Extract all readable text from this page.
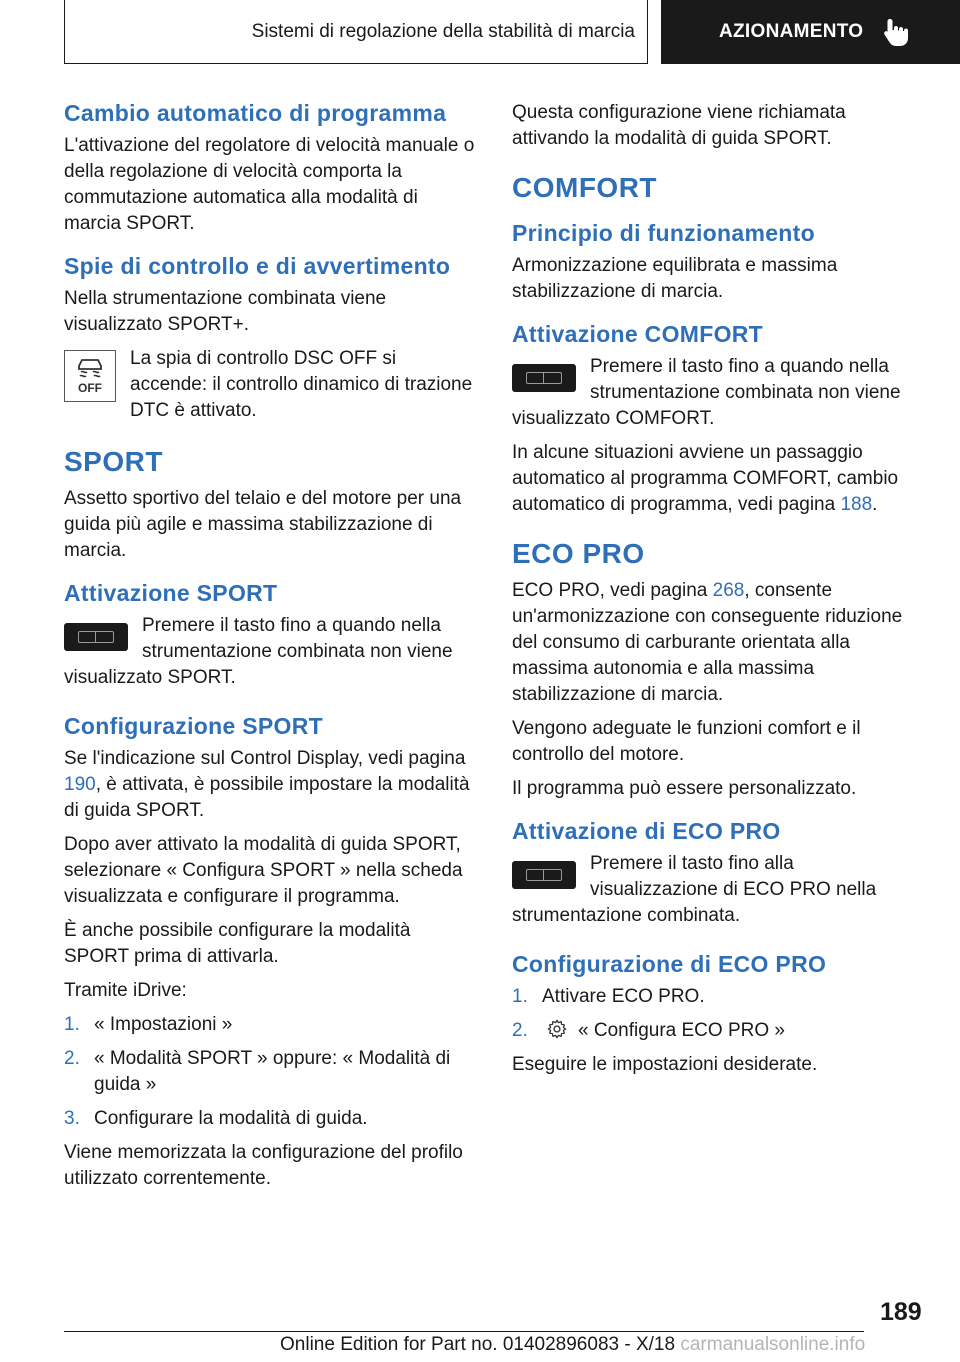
Sistemi di regolazione della stabilità di marcia	AZIONAMENTO
Cambio automatico di programma

L'attivazione del regolatore di velocità manuale o della regolazione di velocità comporta la commutazione automatica alla modalità di marcia SPORT.

Spie di controllo e di avvertimento

Nella strumentazione combinata viene visualizzato SPORT+.

OFF

La spia di controllo DSC OFF si accende: il controllo dinamico di trazione DTC è attivato.

SPORT

Assetto sportivo del telaio e del motore per una guida più agile e massima stabilizzazione di marcia.

Attivazione SPORT

Premere il tasto fino a quando nella strumentazione combinata non viene visualizzato SPORT.

Configurazione SPORT

Se l'indicazione sul Control Display, vedi pagina 190, è attivata, è possibile impostare la modalità di guida SPORT.

Dopo aver attivato la modalità di guida SPORT, selezionare « Configura SPORT » nella scheda visualizzata e configurare il programma.

È anche possibile configurare la modalità SPORT prima di attivarla.

Tramite iDrive:

1. « Impostazioni »
2. « Modalità SPORT » oppure: « Modalità di guida »
3. Configurare la modalità di guida.

Viene memorizzata la configurazione del profilo utilizzato correntemente.

Questa configurazione viene richiamata attivando la modalità di guida SPORT.

COMFORT
Principio di funzionamento

Armonizzazione equilibrata e massima stabilizzazione di marcia.

Attivazione COMFORT

Premere il tasto fino a quando nella strumentazione combinata non viene visualizzato COMFORT.

In alcune situazioni avviene un passaggio automatico al programma COMFORT, cambio automatico di programma, vedi pagina 188.

ECO PRO

ECO PRO, vedi pagina 268, consente un'armonizzazione con conseguente riduzione del consumo di carburante orientata alla massima autonomia e alla massima stabilizzazione di marcia.

Vengono adeguate le funzioni comfort e il controllo del motore.

Il programma può essere personalizzato.

Attivazione di ECO PRO

Premere il tasto fino alla visualizzazione di ECO PRO nella strumentazione combinata.

Configurazione di ECO PRO
1. Attivare ECO PRO.
2.	« Configura ECO PRO »

Eseguire le impostazioni desiderate.

189
Online Edition for Part no. 01402896083 - X/18 carmanualsonline.info
